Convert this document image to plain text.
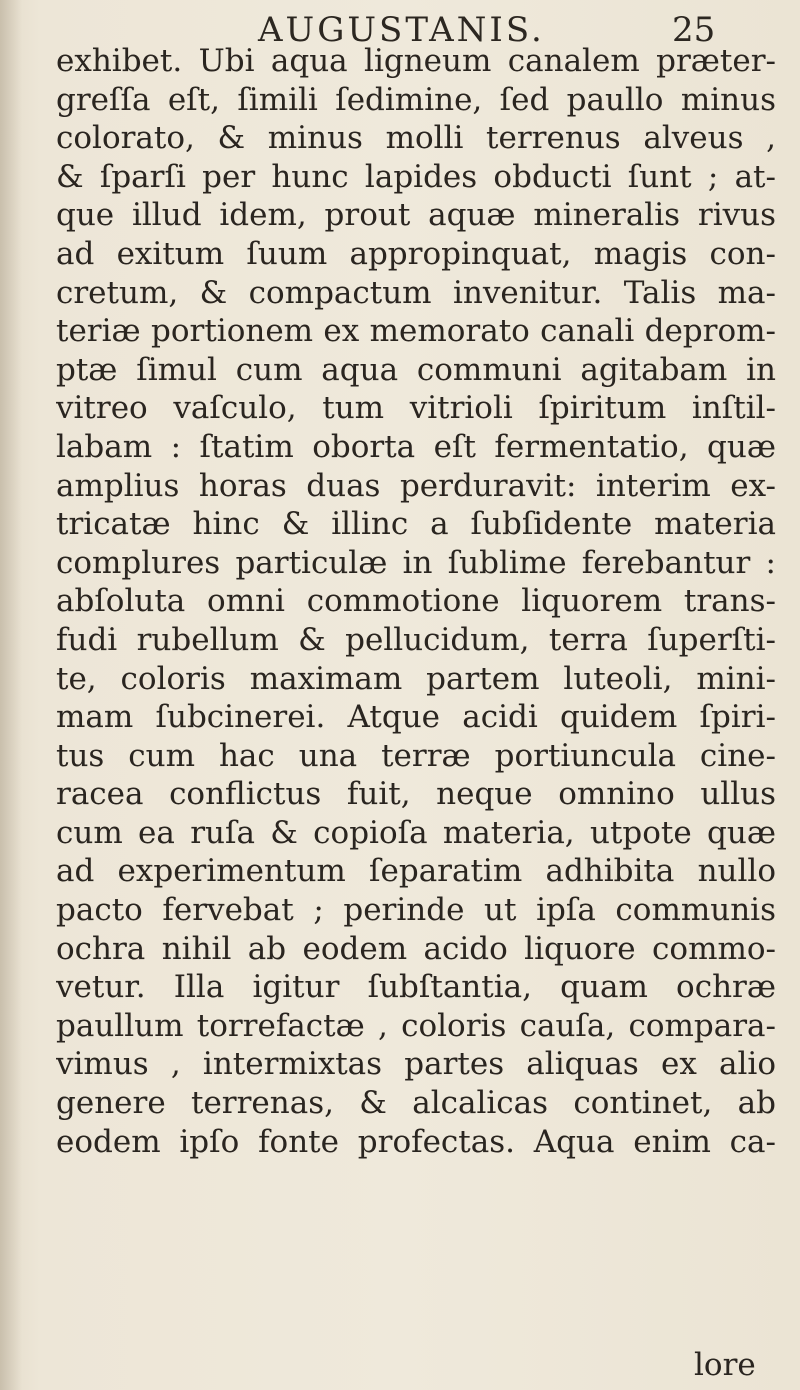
AUGUSTANIS.	25
exhibet. Ubi aqua ligneum canalem præter-
greſſa eſt, ſimili ſedimine, ſed paullo minus
colorato, & minus molli terrenus alveus ,
& ſparſi per hunc lapides obducti ſunt ; at-
que illud idem, prout aquæ mineralis rivus
ad exitum ſuum appropinquat, magis con-
cretum, & compactum invenitur. Talis ma-
teriæ portionem ex memorato canali deprom-
ptæ ſimul cum aqua communi agitabam in
vitreo vaſculo, tum vitrioli ſpiritum inſtil-
labam : ſtatim oborta eſt fermentatio, quæ
amplius horas duas perduravit: interim ex-
tricatæ hinc & illinc a ſubſidente materia
complures particulæ in ſublime ferebantur :
abſoluta omni commotione liquorem trans-
fudi rubellum & pellucidum, terra ſuperſti-
te, coloris maximam partem luteoli, mini-
mam ſubcinerei. Atque acidi quidem ſpiri-
tus cum hac una terræ portiuncula cine-
racea conflictus fuit, neque omnino ullus
cum ea ruſa & copioſa materia, utpote quæ
ad experimentum ſeparatim adhibita nullo
pacto fervebat ; perinde ut ipſa communis
ochra nihil ab eodem acido liquore commo-
vetur. Illa igitur ſubſtantia, quam ochræ
paullum torrefactæ , coloris cauſa, compara-
vimus , intermixtas partes aliquas ex alio
genere terrenas, & alcalicas continet, ab
eodem ipſo fonte profectas. Aqua enim ca-
lore
